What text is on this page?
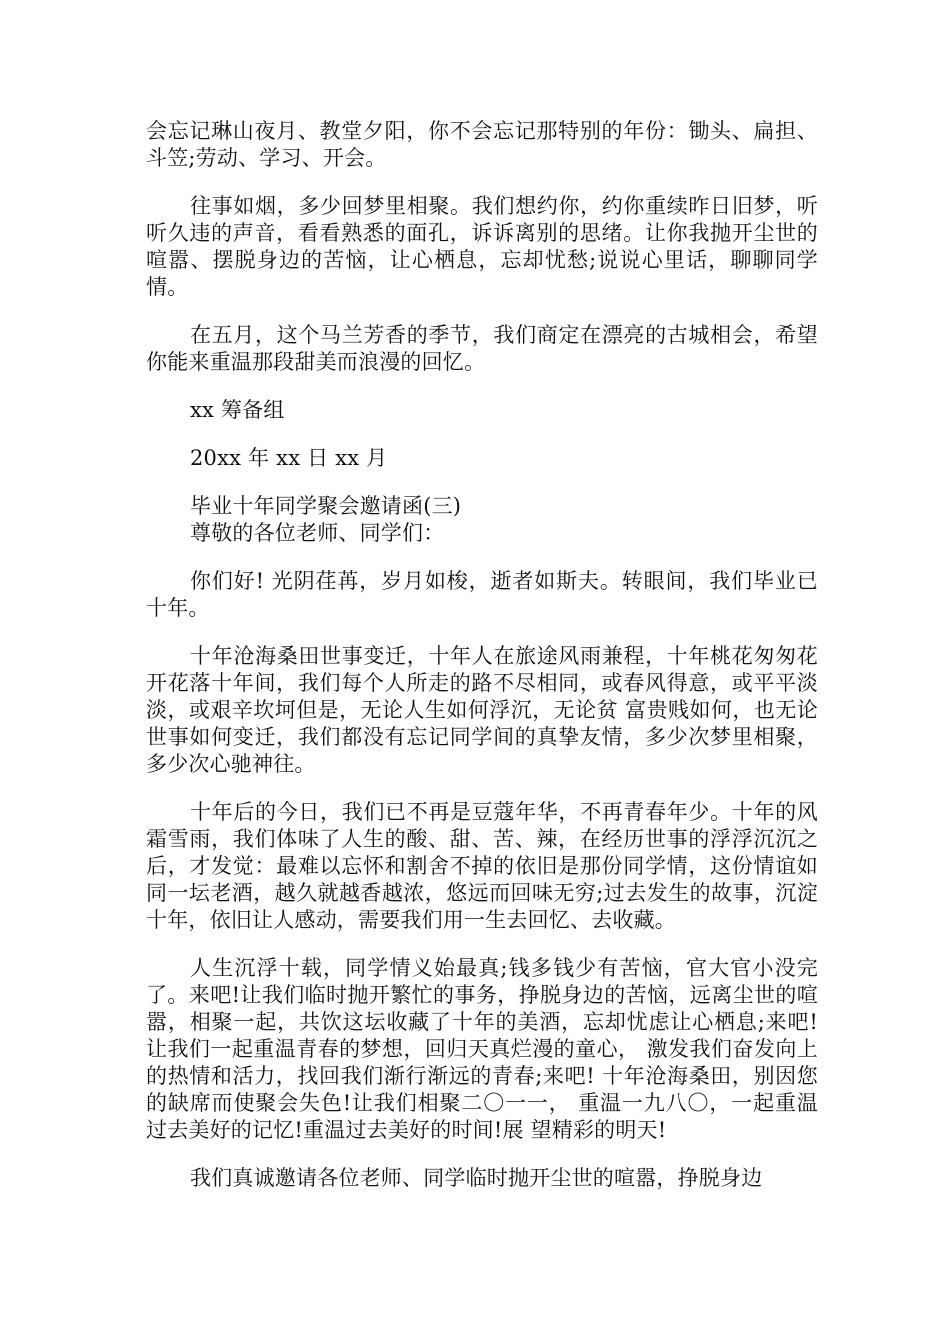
会忘记琳山夜月、教堂夕阳，你不会忘记那特别的年份：锄头、扁担、斗笠;劳动、学习、开会。

往事如烟，多少回梦里相聚。我们想约你，约你重续昨日旧梦，听听久违的声音，看看熟悉的面孔，诉诉离别的思绪。让你我抛开尘世的喧嚣、摆脱身边的苦恼，让心栖息，忘却忧愁;说说心里话，聊聊同学情。

在五月，这个马兰芳香的季节，我们商定在漂亮的古城相会，希望你能来重温那段甜美而浪漫的回忆。

xx 筹备组

20xx 年 xx 日 xx 月

毕业十年同学聚会邀请函(三)

尊敬的各位老师、同学们：

你们好! 光阴荏苒，岁月如梭，逝者如斯夫。转眼间，我们毕业已十年。

十年沧海桑田世事变迁，十年人在旅途风雨兼程，十年桃花匆匆花开花落十年间，我们每个人所走的路不尽相同，或春风得意，或平平淡淡，或艰辛坎坷但是，无论人生如何浮沉，无论贫 富贵贱如何，也无论世事如何变迁，我们都没有忘记同学间的真挚友情，多少次梦里相聚，多少次心驰神往。

十年后的今日，我们已不再是豆蔻年华，不再青春年少。十年的风霜雪雨，我们体味了人生的酸、甜、苦、辣，在经历世事的浮浮沉沉之后，才发觉：最难以忘怀和割舍不掉的依旧是那份同学情，这份情谊如同一坛老酒，越久就越香越浓，悠远而回味无穷;过去发生的故事，沉淀十年，依旧让人感动，需要我们用一生去回忆、去收藏。

人生沉浮十载，同学情义始最真;钱多钱少有苦恼，官大官小没完了。来吧!让我们临时抛开繁忙的事务，挣脱身边的苦恼，远离尘世的喧嚣，相聚一起，共饮这坛收藏了十年的美酒，忘却忧虑让心栖息;来吧!让我们一起重温青春的梦想，回归天真烂漫的童心， 激发我们奋发向上的热情和活力，找回我们渐行渐远的青春;来吧! 十年沧海桑田，别因您的缺席而使聚会失色!让我们相聚二〇一一， 重温一九八〇，一起重温过去美好的记忆!重温过去美好的时间!展 望精彩的明天!

我们真诚邀请各位老师、同学临时抛开尘世的喧嚣，挣脱身边
